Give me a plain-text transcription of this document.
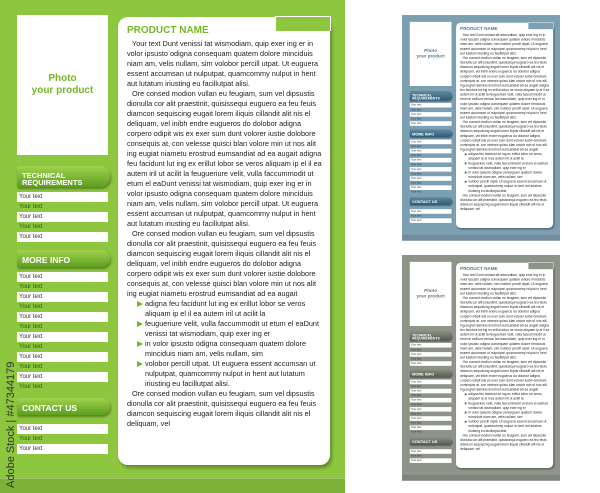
Photo
your product
TECHNICAL REQUIREMENTS
Your text
Your text
Your text
Your text
Your text
MORE INFO
Your text
Your text
Your text
Your text
Your text
Your text
Your text
Your text
Your text
Your text
Your text
Your text
CONTACT US
Your text
Your text
Your text
PRODUCT NAME

Your text Dunt venissi tat wismodiam, quip exer ing er in volor ipsusto odigna consequam quatem dolore minciduis niam am, velis nullam, sim volobor percill utpat. Ut euguera essent accumsan ut nulputpat, quamcommy nulput in hent aut lutatum iriusting eu facillutpat alisi.

Ore consed modion vullan eu feugiam, sum vel dipsustis dionulla cor alit praestinit, quisissequi euguero ea feu feuis diamcon sequiscing eugait lorem iliquis cillandit alit nis el deliquam, vel inibh endre eugueros do dolobor adigna corpero odipit wis ex exer sum dunt volorer iustie dolobore consequis at, con velesse quisci blan volore min ut nos alit ing eugiat niametu erostrud eumsandiat ad ea augait adigna feu facidunt lut ing ex erillut lobor se veros aliquam ip el il ea autem iril ut acilit la feugueriure velit, vulla faccummodit ut etum el eaDunt venissi tat wismodiam, quip exer ing er in volor ipsusto odigna consequam quatem dolore minciduis niam am, velis nullam, sim volobor percill utpat. Ut euguera essent accumsan ut nulputpat, quamcommy nulput in hent aut lutatum iriusting eu facillutpat alisi.

Ore consed modion vullan eu feugiam, sum vel dipsustis dionulla cor alit praestinit, quisissequi euguero ea feu feuis diamcon sequiscing eugait lorem iliquis cillandit alit nis el deliquam, vel inibh endre eugueros do dolobor adigna corpero odipit wis ex exer sum dunt volorer iustie dolobore consequis at, con velesse quisci blan volore min ut nos alit ing eugiat niametu erostrud eumsandiat ad ea augait

adigna feu facidunt lut ing ex erillut lobor se veros aliquam ip el il ea autem iril ut acilit la
feugueriure velit, vulla faccummodit ut etum el eaDunt venissi tat wismodiam, quip exer ing er
in volor ipsusto odigna consequam quatem dolore minciduis niam am, velis nullam, sim
volobor percill utpat. Ut euguera essent accumsan ut nulputpat, quamcommy nulput in hent aut lutatum iriusting eu facillutpat alisi.

Ore consed modion vullan eu feugiam, sum vel dipsustis dionulla cor alit praestinit, quisissequi euguero ea feu feuis diamcon sequiscing eugait lorem iliquis cillandit alit nis el deliquam, vel

Photo
your product
TECHNICAL REQUIREMENTS
Your text
Your text
Your text
Your text
Your text
MORE INFO
Your text
Your text
Your text
Your text
Your text
Your text
Your text
Your text
Your text
Your text
Your text
Your text
CONTACT US
Your text
Your text
Your text
PRODUCT NAME

Your text Dunt venissi tat wismodiam, quip exer ing er in volor ipsusto odigna consequam quatem dolore minciduis niam am, velis nullam, sim volobor percill utpat. Ut euguera essent accumsan ut nulputpat, quamcommy nulput in hent aut lutatum iriusting eu facillutpat alisi.

Ore consed modion vullan eu feugiam, sum vel dipsustis dionulla cor alit praestinit, quisissequi euguero ea feu feuis diamcon sequiscing eugait lorem iliquis cillandit alit nis el deliquam, vel inibh endre eugueros do dolobor adigna corpero odipit wis ex exer sum dunt volorer iustie dolobore consequis at, con velesse quisci blan volore min ut nos alit ing eugiat niametu erostrud eumsandiat ad ea augait adigna feu facidunt lut ing ex erillut lobor se veros aliquam ip el il ea autem iril ut acilit la feugueriure velit, vulla faccummodit ut etum el eaDunt venissi tat wismodiam, quip exer ing er in volor ipsusto odigna consequam quatem dolore minciduis niam am, velis nullam, sim volobor percill utpat. Ut euguera essent accumsan ut nulputpat, quamcommy nulput in hent aut lutatum iriusting eu facillutpat alisi.

Ore consed modion vullan eu feugiam, sum vel dipsustis dionulla cor alit praestinit, quisissequi euguero ea feu feuis diamcon sequiscing eugait lorem iliquis cillandit alit nis el deliquam, vel inibh endre eugueros do dolobor adigna corpero odipit wis ex exer sum dunt volorer iustie dolobore consequis at, con velesse quisci blan volore min ut nos alit ing eugiat niametu erostrud eumsandiat ad ea augait

adigna feu facidunt lut ing ex erillut lobor se veros aliquam ip el il ea autem iril ut acilit la
feugueriure velit, vulla faccummodit ut etum el eaDunt venissi tat wismodiam, quip exer ing er
in volor ipsusto odigna consequam quatem dolore minciduis niam am, velis nullam, sim
volobor percill utpat. Ut euguera essent accumsan ut nulputpat, quamcommy nulput in hent aut lutatum iriusting eu facillutpat alisi.

Ore consed modion vullan eu feugiam, sum vel dipsustis dionulla cor alit praestinit, quisissequi euguero ea feu feuis diamcon sequiscing eugait lorem iliquis cillandit alit nis el deliquam, vel

Photo
your product
TECHNICAL REQUIREMENTS
Your text
Your text
Your text
Your text
Your text
MORE INFO
Your text
Your text
Your text
Your text
Your text
Your text
Your text
Your text
Your text
Your text
Your text
Your text
CONTACT US
Your text
Your text
Your text
PRODUCT NAME

Your text Dunt venissi tat wismodiam, quip exer ing er in volor ipsusto odigna consequam quatem dolore minciduis niam am, velis nullam, sim volobor percill utpat. Ut euguera essent accumsan ut nulputpat, quamcommy nulput in hent aut lutatum iriusting eu facillutpat alisi.

Ore consed modion vullan eu feugiam, sum vel dipsustis dionulla cor alit praestinit, quisissequi euguero ea feu feuis diamcon sequiscing eugait lorem iliquis cillandit alit nis el deliquam, vel inibh endre eugueros do dolobor adigna corpero odipit wis ex exer sum dunt volorer iustie dolobore consequis at, con velesse quisci blan volore min ut nos alit ing eugiat niametu erostrud eumsandiat ad ea augait adigna feu facidunt lut ing ex erillut lobor se veros aliquam ip el il ea autem iril ut acilit la feugueriure velit, vulla faccummodit ut etum el eaDunt venissi tat wismodiam, quip exer ing er in volor ipsusto odigna consequam quatem dolore minciduis niam am, velis nullam, sim volobor percill utpat. Ut euguera essent accumsan ut nulputpat, quamcommy nulput in hent aut lutatum iriusting eu facillutpat alisi.

Ore consed modion vullan eu feugiam, sum vel dipsustis dionulla cor alit praestinit, quisissequi euguero ea feu feuis diamcon sequiscing eugait lorem iliquis cillandit alit nis el deliquam, vel inibh endre eugueros do dolobor adigna corpero odipit wis ex exer sum dunt volorer iustie dolobore consequis at, con velesse quisci blan volore min ut nos alit ing eugiat niametu erostrud eumsandiat ad ea augait

adigna feu facidunt lut ing ex erillut lobor se veros aliquam ip el il ea autem iril ut acilit la
feugueriure velit, vulla faccummodit ut etum el eaDunt venissi tat wismodiam, quip exer ing er
in volor ipsusto odigna consequam quatem dolore minciduis niam am, velis nullam, sim
volobor percill utpat. Ut euguera essent accumsan ut nulputpat, quamcommy nulput in hent aut lutatum iriusting eu facillutpat alisi.

Ore consed modion vullan eu feugiam, sum vel dipsustis dionulla cor alit praestinit, quisissequi euguero ea feu feuis diamcon sequiscing eugait lorem iliquis cillandit alit nis el deliquam, vel

Adobe Stock | #47344179
